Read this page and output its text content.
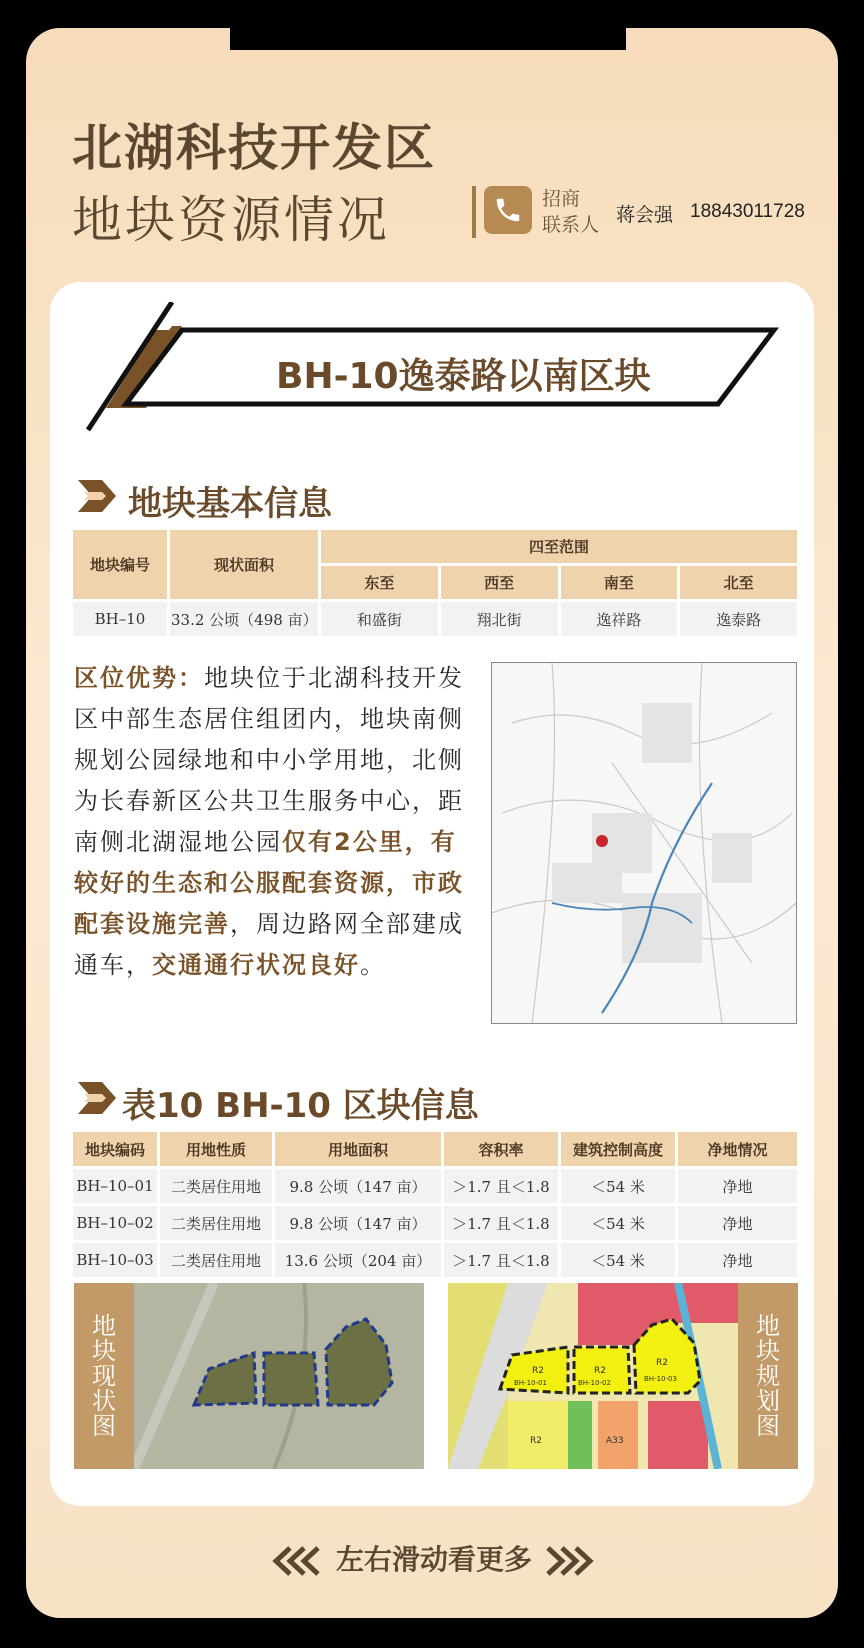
北湖科技开发区
地块资源情况	招商
联系人 蒋会强 18843011728
BH-10逸泰路以南区块
地块基本信息
地块编号	现状面积	四至范围			
		东至	西至	南至	北至
BH–10	33.2 公顷（498 亩）	和盛街	翔北街	逸祥路	逸泰路
区位优势：地块位于北湖科技开发区中部生态居住组团内，地块南侧规划公园绿地和中小学用地，北侧为长春新区公共卫生服务中心，距南侧北湖湿地公园仅有2公里，有较好的生态和公服配套资源，市政配套设施完善，周边路网全部建成通车，交通通行状况良好。
表10 BH-10 区块信息
地块编码	用地性质	用地面积	容积率	建筑控制高度	净地情况
BH–10–01	二类居住用地	9.8 公顷（147 亩）	＞1.7 且＜1.8	＜54 米	净地
BH–10–02	二类居住用地	9.8 公顷（147 亩）	＞1.7 且＜1.8	＜54 米	净地
BH–10–03	二类居住用地	13.6 公顷（204 亩）	＞1.7 且＜1.8	＜54 米	净地
地
块
现
状
图
R2	R2
R2
BH-10-01	BH-10-02	BH-10-03
R2	A33
地
块
规
划
图
左右滑动看更多
